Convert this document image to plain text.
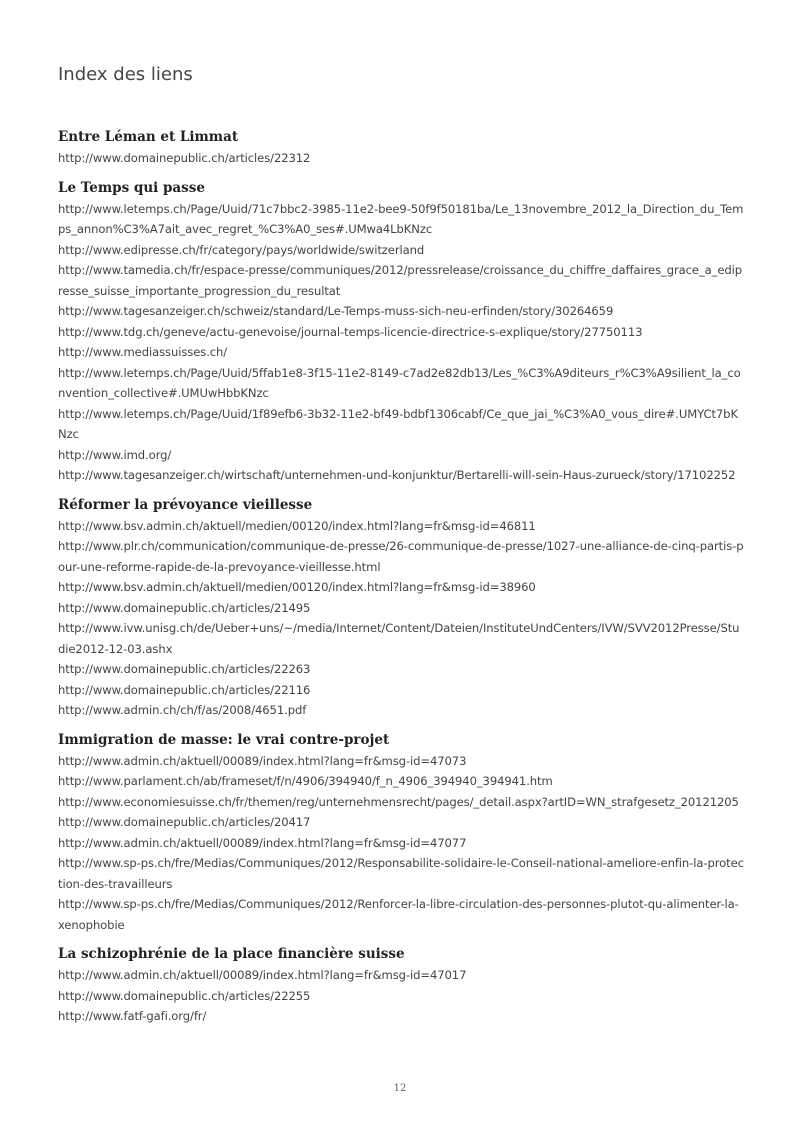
Index des liens
Entre Léman et Limmat
http://www.domainepublic.ch/articles/22312
Le Temps qui passe
http://www.letemps.ch/Page/Uuid/71c7bbc2-3985-11e2-bee9-50f9f50181ba/Le_13novembre_2012_la_Direction_du_Temps_annon%C3%A7ait_avec_regret_%C3%A0_ses#.UMwa4LbKNzc
http://www.edipresse.ch/fr/category/pays/worldwide/switzerland
http://www.tamedia.ch/fr/espace-presse/communiques/2012/pressrelease/croissance_du_chiffre_daffaires_grace_a_edipresse_suisse_importante_progression_du_resultat
http://www.tagesanzeiger.ch/schweiz/standard/Le-Temps-muss-sich-neu-erfinden/story/30264659
http://www.tdg.ch/geneve/actu-genevoise/journal-temps-licencie-directrice-s-explique/story/27750113
http://www.mediassuisses.ch/
http://www.letemps.ch/Page/Uuid/5ffab1e8-3f15-11e2-8149-c7ad2e82db13/Les_%C3%A9diteurs_r%C3%A9silient_la_convention_collective#.UMUwHbbKNzc
http://www.letemps.ch/Page/Uuid/1f89efb6-3b32-11e2-bf49-bdbf1306cabf/Ce_que_jai_%C3%A0_vous_dire#.UMYCt7bKNzc
http://www.imd.org/
http://www.tagesanzeiger.ch/wirtschaft/unternehmen-und-konjunktur/Bertarelli-will-sein-Haus-zurueck/story/17102252
Réformer la prévoyance vieillesse
http://www.bsv.admin.ch/aktuell/medien/00120/index.html?lang=fr&msg-id=46811
http://www.plr.ch/communication/communique-de-presse/26-communique-de-presse/1027-une-alliance-de-cinq-partis-pour-une-reforme-rapide-de-la-prevoyance-vieillesse.html
http://www.bsv.admin.ch/aktuell/medien/00120/index.html?lang=fr&msg-id=38960
http://www.domainepublic.ch/articles/21495
http://www.ivw.unisg.ch/de/Ueber+uns/~/media/Internet/Content/Dateien/InstituteUndCenters/IVW/SVV2012Presse/Studie2012-12-03.ashx
http://www.domainepublic.ch/articles/22263
http://www.domainepublic.ch/articles/22116
http://www.admin.ch/ch/f/as/2008/4651.pdf
Immigration de masse: le vrai contre-projet
http://www.admin.ch/aktuell/00089/index.html?lang=fr&msg-id=47073
http://www.parlament.ch/ab/frameset/f/n/4906/394940/f_n_4906_394940_394941.htm
http://www.economiesuisse.ch/fr/themen/reg/unternehmensrecht/pages/_detail.aspx?artID=WN_strafgesetz_20121205
http://www.domainepublic.ch/articles/20417
http://www.admin.ch/aktuell/00089/index.html?lang=fr&msg-id=47077
http://www.sp-ps.ch/fre/Medias/Communiques/2012/Responsabilite-solidaire-le-Conseil-national-ameliore-enfin-la-protection-des-travailleurs
http://www.sp-ps.ch/fre/Medias/Communiques/2012/Renforcer-la-libre-circulation-des-personnes-plutot-qu-alimenter-la-xenophobie
La schizophrénie de la place financière suisse
http://www.admin.ch/aktuell/00089/index.html?lang=fr&msg-id=47017
http://www.domainepublic.ch/articles/22255
http://www.fatf-gafi.org/fr/
12
